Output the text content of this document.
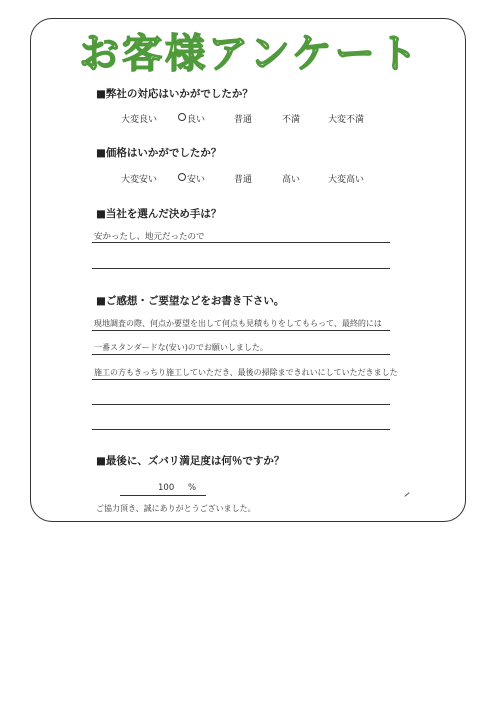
お客様アンケート
■弊社の対応はいかがでしたか？
大変良い	良い	普通	不満	大変不満
■価格はいかがでしたか？
大変安い	安い	普通	高い	大変高い
■当社を選んだ決め手は？
安かったし、地元だったので
■ご感想・ご要望などをお書き下さい。
現地調査の際、何点か要望を出して何点も見積もりをしてもらって、最終的には
一番スタンダードな(安い)のでお願いしました。
施工の方もきっちり施工していただき、最後の掃除まできれいにしていただきました
■最後に、ズバリ満足度は何％ですか？
100 %
ご協力頂き、誠にありがとうございました。
